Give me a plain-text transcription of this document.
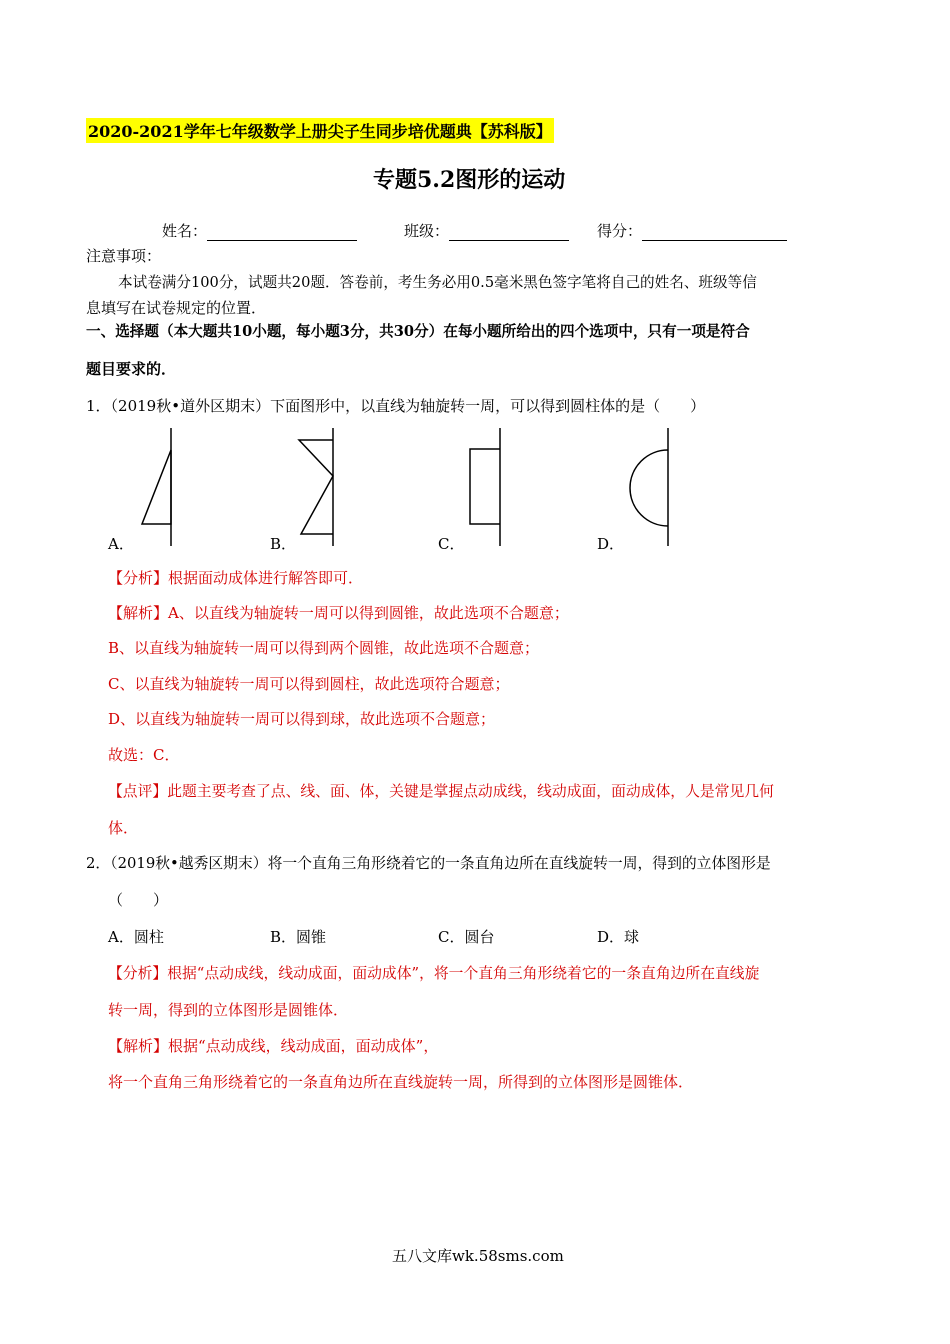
2020-2021学年七年级数学上册尖子生同步培优题典【苏科版】
专题5.2图形的运动
姓名：	班级：	得分：
注意事项：
本试卷满分100分，试题共20题．答卷前，考生务必用0.5毫米黑色签字笔将自己的姓名、班级等信
息填写在试卷规定的位置．
一、选择题（本大题共10小题，每小题3分，共30分）在每小题所给出的四个选项中，只有一项是符合
题目要求的．
1．（2019秋•道外区期末）下面图形中，以直线为轴旋转一周，可以得到圆柱体的是（　　）
A．	B．	C．	D．
【分析】根据面动成体进行解答即可．
【解析】A、以直线为轴旋转一周可以得到圆锥，故此选项不合题意；
B、以直线为轴旋转一周可以得到两个圆锥，故此选项不合题意；
C、以直线为轴旋转一周可以得到圆柱，故此选项符合题意；
D、以直线为轴旋转一周可以得到球，故此选项不合题意；
故选：C．
【点评】此题主要考查了点、线、面、体，关键是掌握点动成线，线动成面，面动成体，人是常见几何
体．
2．（2019秋•越秀区期末）将一个直角三角形绕着它的一条直角边所在直线旋转一周，得到的立体图形是
（　　）
A．圆柱	B．圆锥	C．圆台	D．球
【分析】根据“点动成线，线动成面，面动成体”，将一个直角三角形绕着它的一条直角边所在直线旋
转一周，得到的立体图形是圆锥体．
【解析】根据“点动成线，线动成面，面动成体”，
将一个直角三角形绕着它的一条直角边所在直线旋转一周，所得到的立体图形是圆锥体．
五八文库wk.58sms.com
